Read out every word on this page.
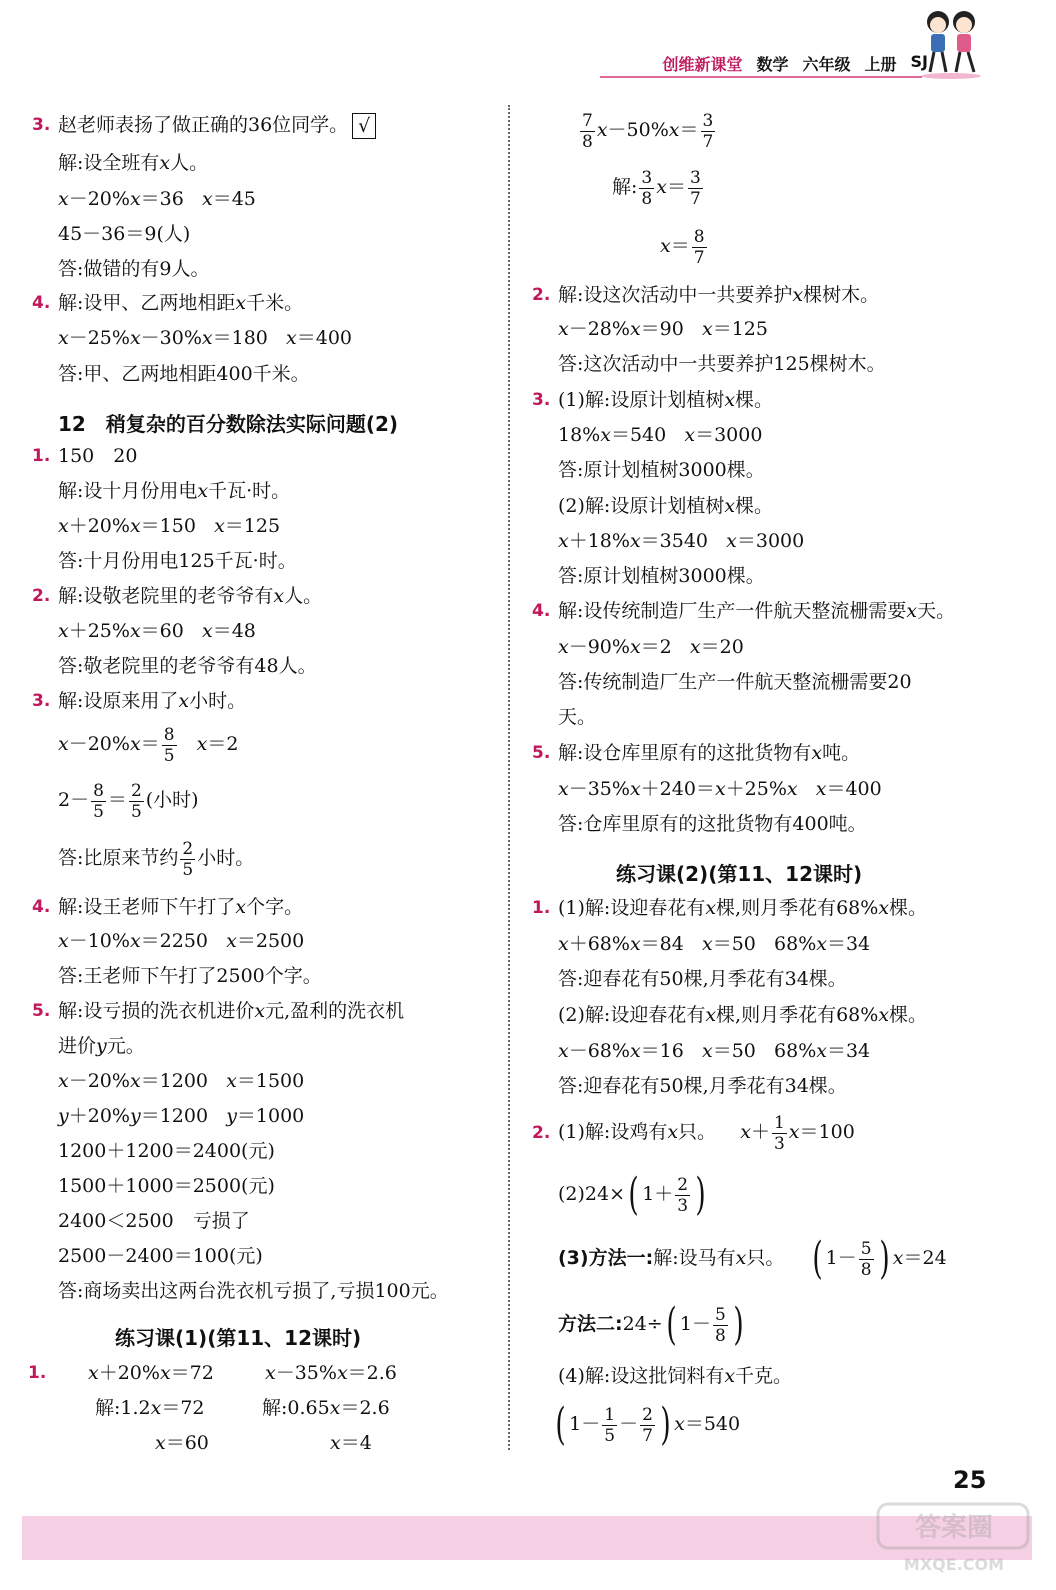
创维新课堂 数学 六年级 上册 SJ
3. 赵老师表扬了做正确的36位同学。 √
解:设全班有x人。
x－20%x＝36 x＝45
45－36＝9(人)
答:做错的有9人。
4. 解:设甲、乙两地相距x千米。
x－25%x－30%x＝180 x＝400
答:甲、乙两地相距400千米。
12　稍复杂的百分数除法实际问题(2)
1. 150　20
解:设十月份用电x千瓦·时。
x＋20%x＝150 x＝125
答:十月份用电125千瓦·时。
2. 解:设敬老院里的老爷爷有x人。
x＋25%x＝60 x＝48
答:敬老院里的老爷爷有48人。
3. 解:设原来用了x小时。
$x-20\%x= \frac{8}{5} x=2$
$2- \frac{8}{5} = \frac{2}{5}$ (小时)
答:比原来节约 $\frac{2}{5}$ 小时。
4. 解:设王老师下午打了x个字。
x－10%x＝2250 x＝2500
答:王老师下午打了2500个字。
5. 解:设亏损的洗衣机进价x元,盈利的洗衣机
进价y元。
x－20%x＝1200 x＝1500
y＋20%y＝1200 y＝1000
1200＋1200＝2400(元)
1500＋1000＝2500(元)
2400＜2500　亏损了
2500－2400＝100(元)
答:商场卖出这两台洗衣机亏损了,亏损100元。
练习课(1)(第11、12课时)
1. x＋20%x＝72	x－35%x＝2.6
解:1.2x＝72	解:0.65x＝2.6
x＝60	x＝4
$\frac{7}{8} x-50\%x= \frac{3}{7}$
解: $\frac{3}{8} x= \frac{3}{7}$
$x= \frac{8}{7}$
2. 解:设这次活动中一共要养护x棵树木。
x－28%x＝90 x＝125
答:这次活动中一共要养护125棵树木。
3. (1)解:设原计划植树x棵。
18%x＝540 x＝3000
答:原计划植树3000棵。
(2)解:设原计划植树x棵。
x＋18%x＝3540 x＝3000
答:原计划植树3000棵。
4. 解:设传统制造厂生产一件航天整流栅需要x天。
x－90%x＝2 x＝20
答:传统制造厂生产一件航天整流栅需要20
天。
5. 解:设仓库里原有的这批货物有x吨。
x－35%x＋240＝x＋25%x x＝400
答:仓库里原有的这批货物有400吨。
练习课(2)(第11、12课时)
1. (1)解:设迎春花有x棵,则月季花有68%x棵。
x＋68%x＝84 x＝50 68%x＝34
答:迎春花有50棵,月季花有34棵。
(2)解:设迎春花有x棵,则月季花有68%x棵。
x－68%x＝16 x＝50 68%x＝34
答:迎春花有50棵,月季花有34棵。
2. (1)解:设鸡有x只。 $x+ \frac{1}{3} x=100$
(2)24×( $1+ \frac{2}{3}$ )
(3)方法一:解:设马有x只。 ( $1- \frac{5}{8}$ ) x＝24
方法二:24÷( $1- \frac{5}{8}$ )
(4)解:设这批饲料有x千克。
( $1- \frac{1}{5} - \frac{2}{7}$ ) x＝540
25
答案圈
MXQE.COM
